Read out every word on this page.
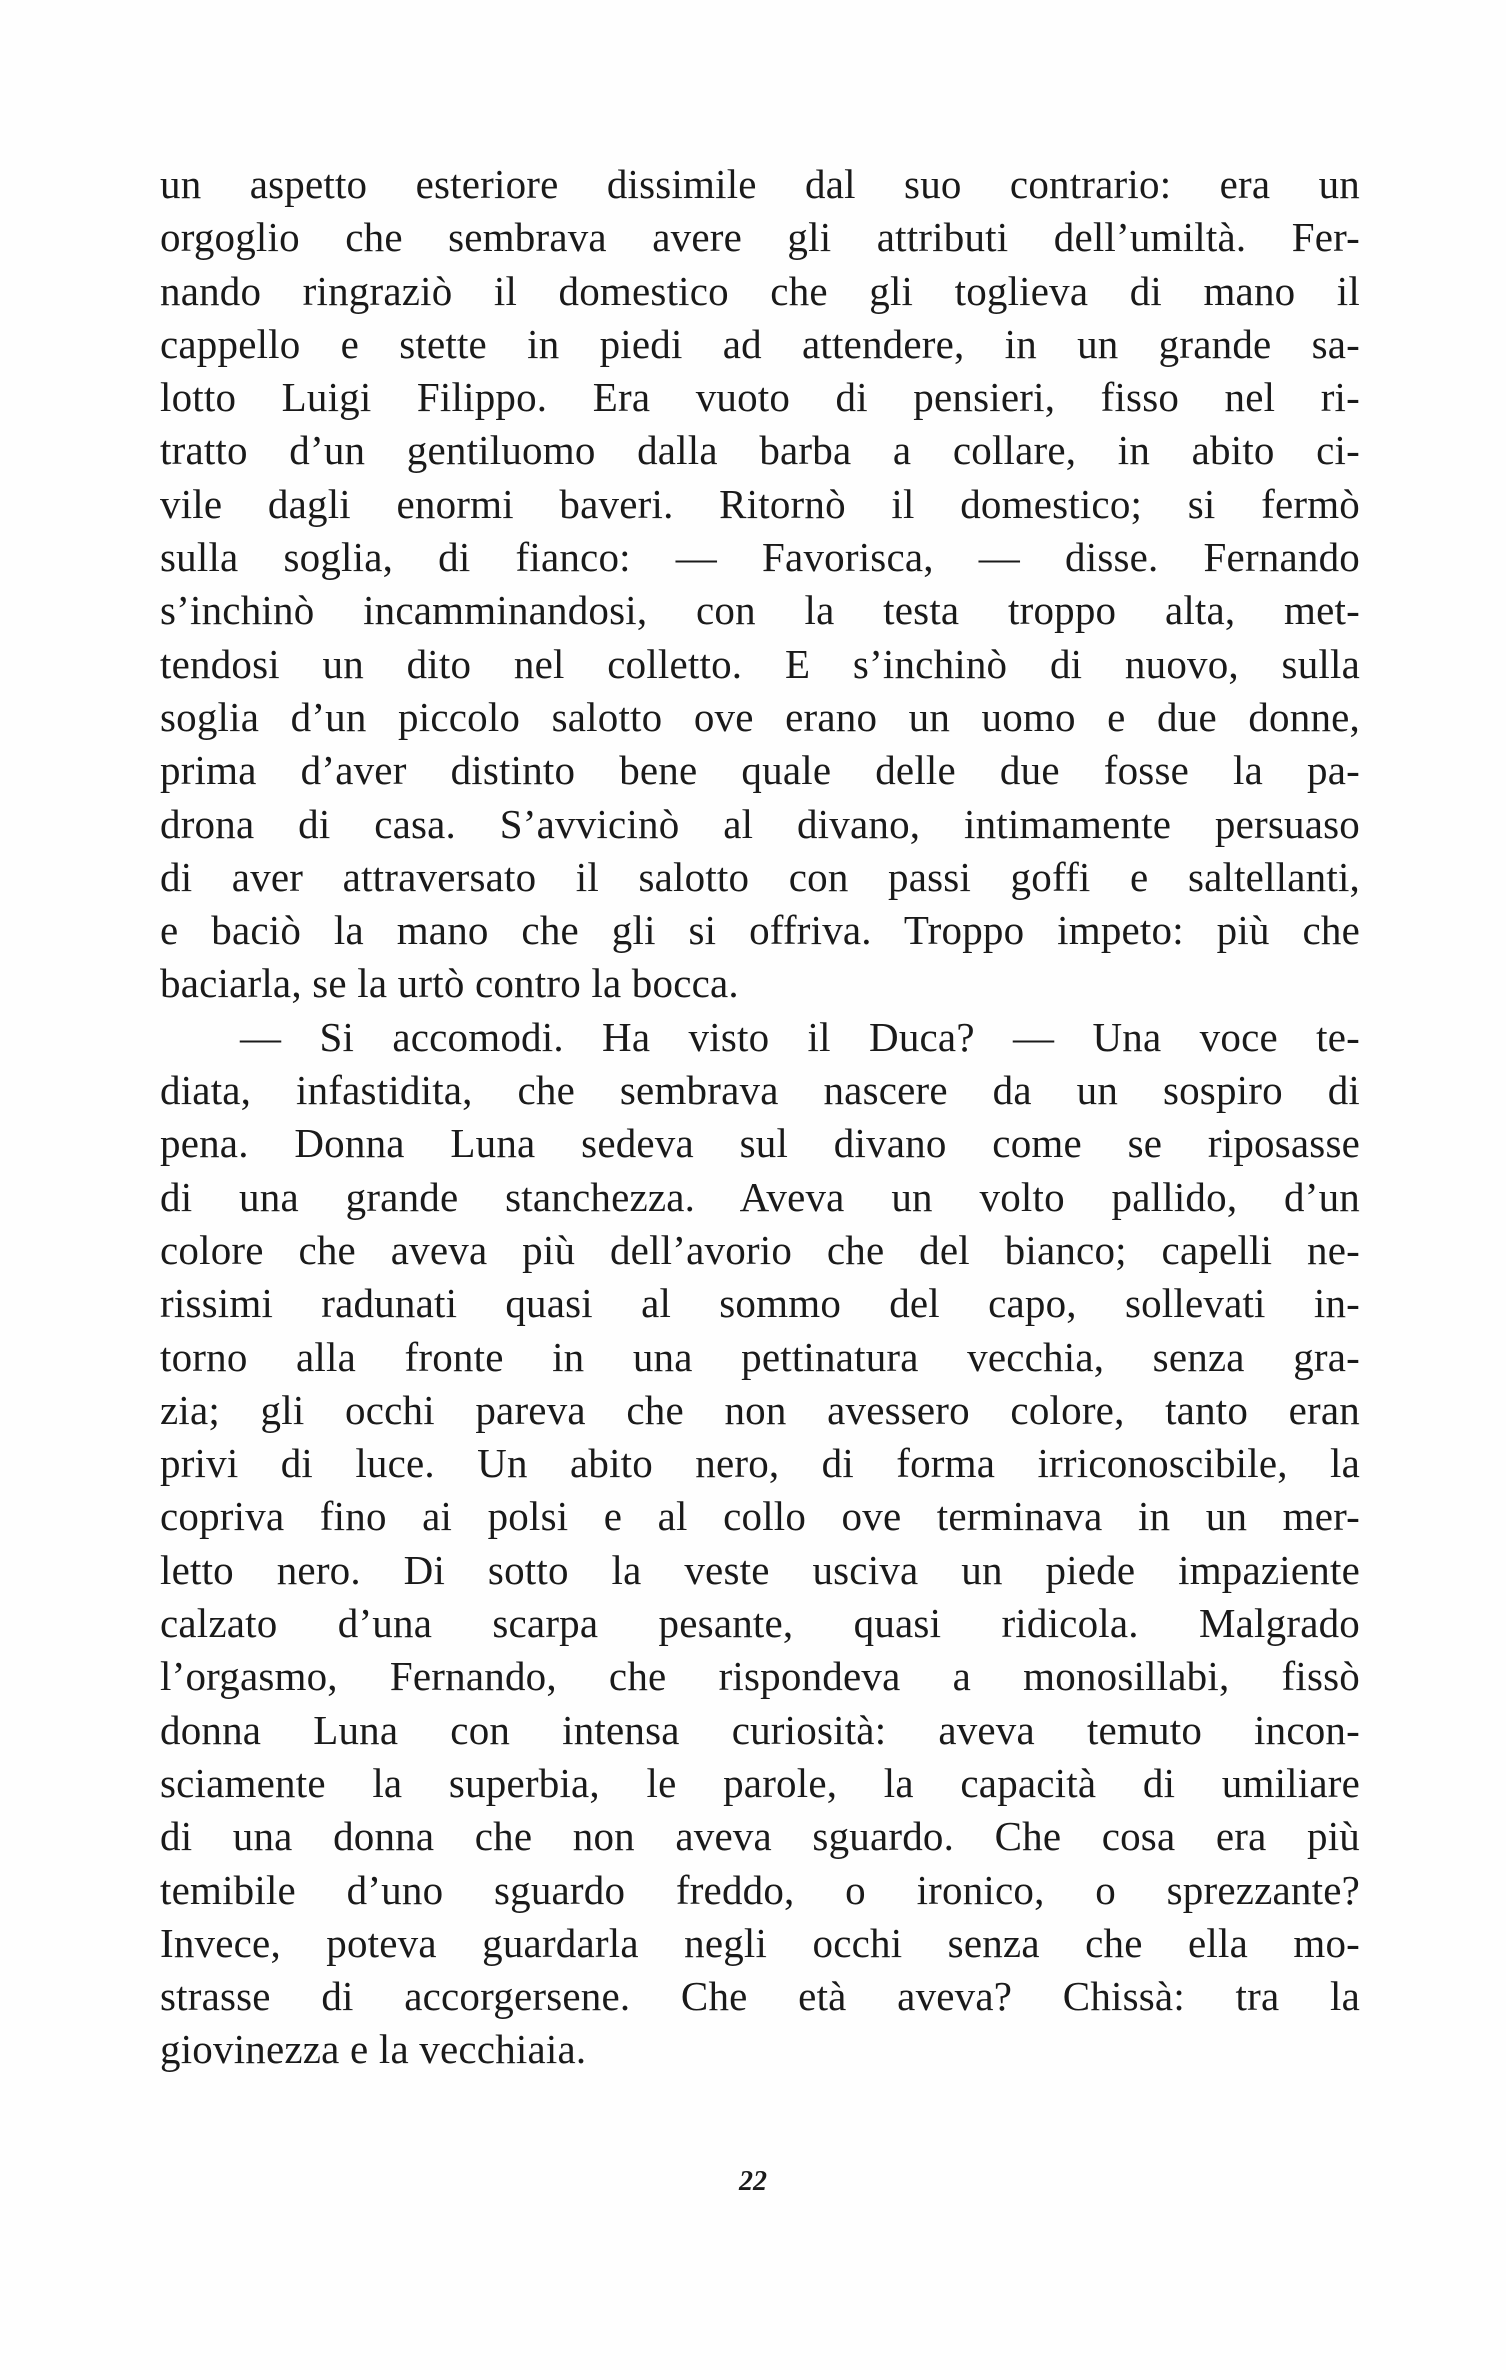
un aspetto esteriore dissimile dal suo contrario: era un
orgoglio che sembrava avere gli attributi dell’umiltà. Fer-
nando ringraziò il domestico che gli toglieva di mano il
cappello e stette in piedi ad attendere, in un grande sa-
lotto Luigi Filippo. Era vuoto di pensieri, fisso nel ri-
tratto d’un gentiluomo dalla barba a collare, in abito ci-
vile dagli enormi baveri. Ritornò il domestico; si fermò
sulla soglia, di fianco: — Favorisca, — disse. Fernando
s’inchinò incamminandosi, con la testa troppo alta, met-
tendosi un dito nel colletto. E s’inchinò di nuovo, sulla
soglia d’un piccolo salotto ove erano un uomo e due donne,
prima d’aver distinto bene quale delle due fosse la pa-
drona di casa. S’avvicinò al divano, intimamente persuaso
di aver attraversato il salotto con passi goffi e saltellanti,
e baciò la mano che gli si offriva. Troppo impeto: più che
baciarla, se la urtò contro la bocca.
— Si accomodi. Ha visto il Duca? — Una voce te-
diata, infastidita, che sembrava nascere da un sospiro di
pena. Donna Luna sedeva sul divano come se riposasse
di una grande stanchezza. Aveva un volto pallido, d’un
colore che aveva più dell’avorio che del bianco; capelli ne-
rissimi radunati quasi al sommo del capo, sollevati in-
torno alla fronte in una pettinatura vecchia, senza gra-
zia; gli occhi pareva che non avessero colore, tanto eran
privi di luce. Un abito nero, di forma irriconoscibile, la
copriva fino ai polsi e al collo ove terminava in un mer-
letto nero. Di sotto la veste usciva un piede impaziente
calzato d’una scarpa pesante, quasi ridicola. Malgrado
l’orgasmo, Fernando, che rispondeva a monosillabi, fissò
donna Luna con intensa curiosità: aveva temuto incon-
sciamente la superbia, le parole, la capacità di umiliare
di una donna che non aveva sguardo. Che cosa era più
temibile d’uno sguardo freddo, o ironico, o sprezzante?
Invece, poteva guardarla negli occhi senza che ella mo-
strasse di accorgersene. Che età aveva? Chissà: tra la
giovinezza e la vecchiaia.
22
